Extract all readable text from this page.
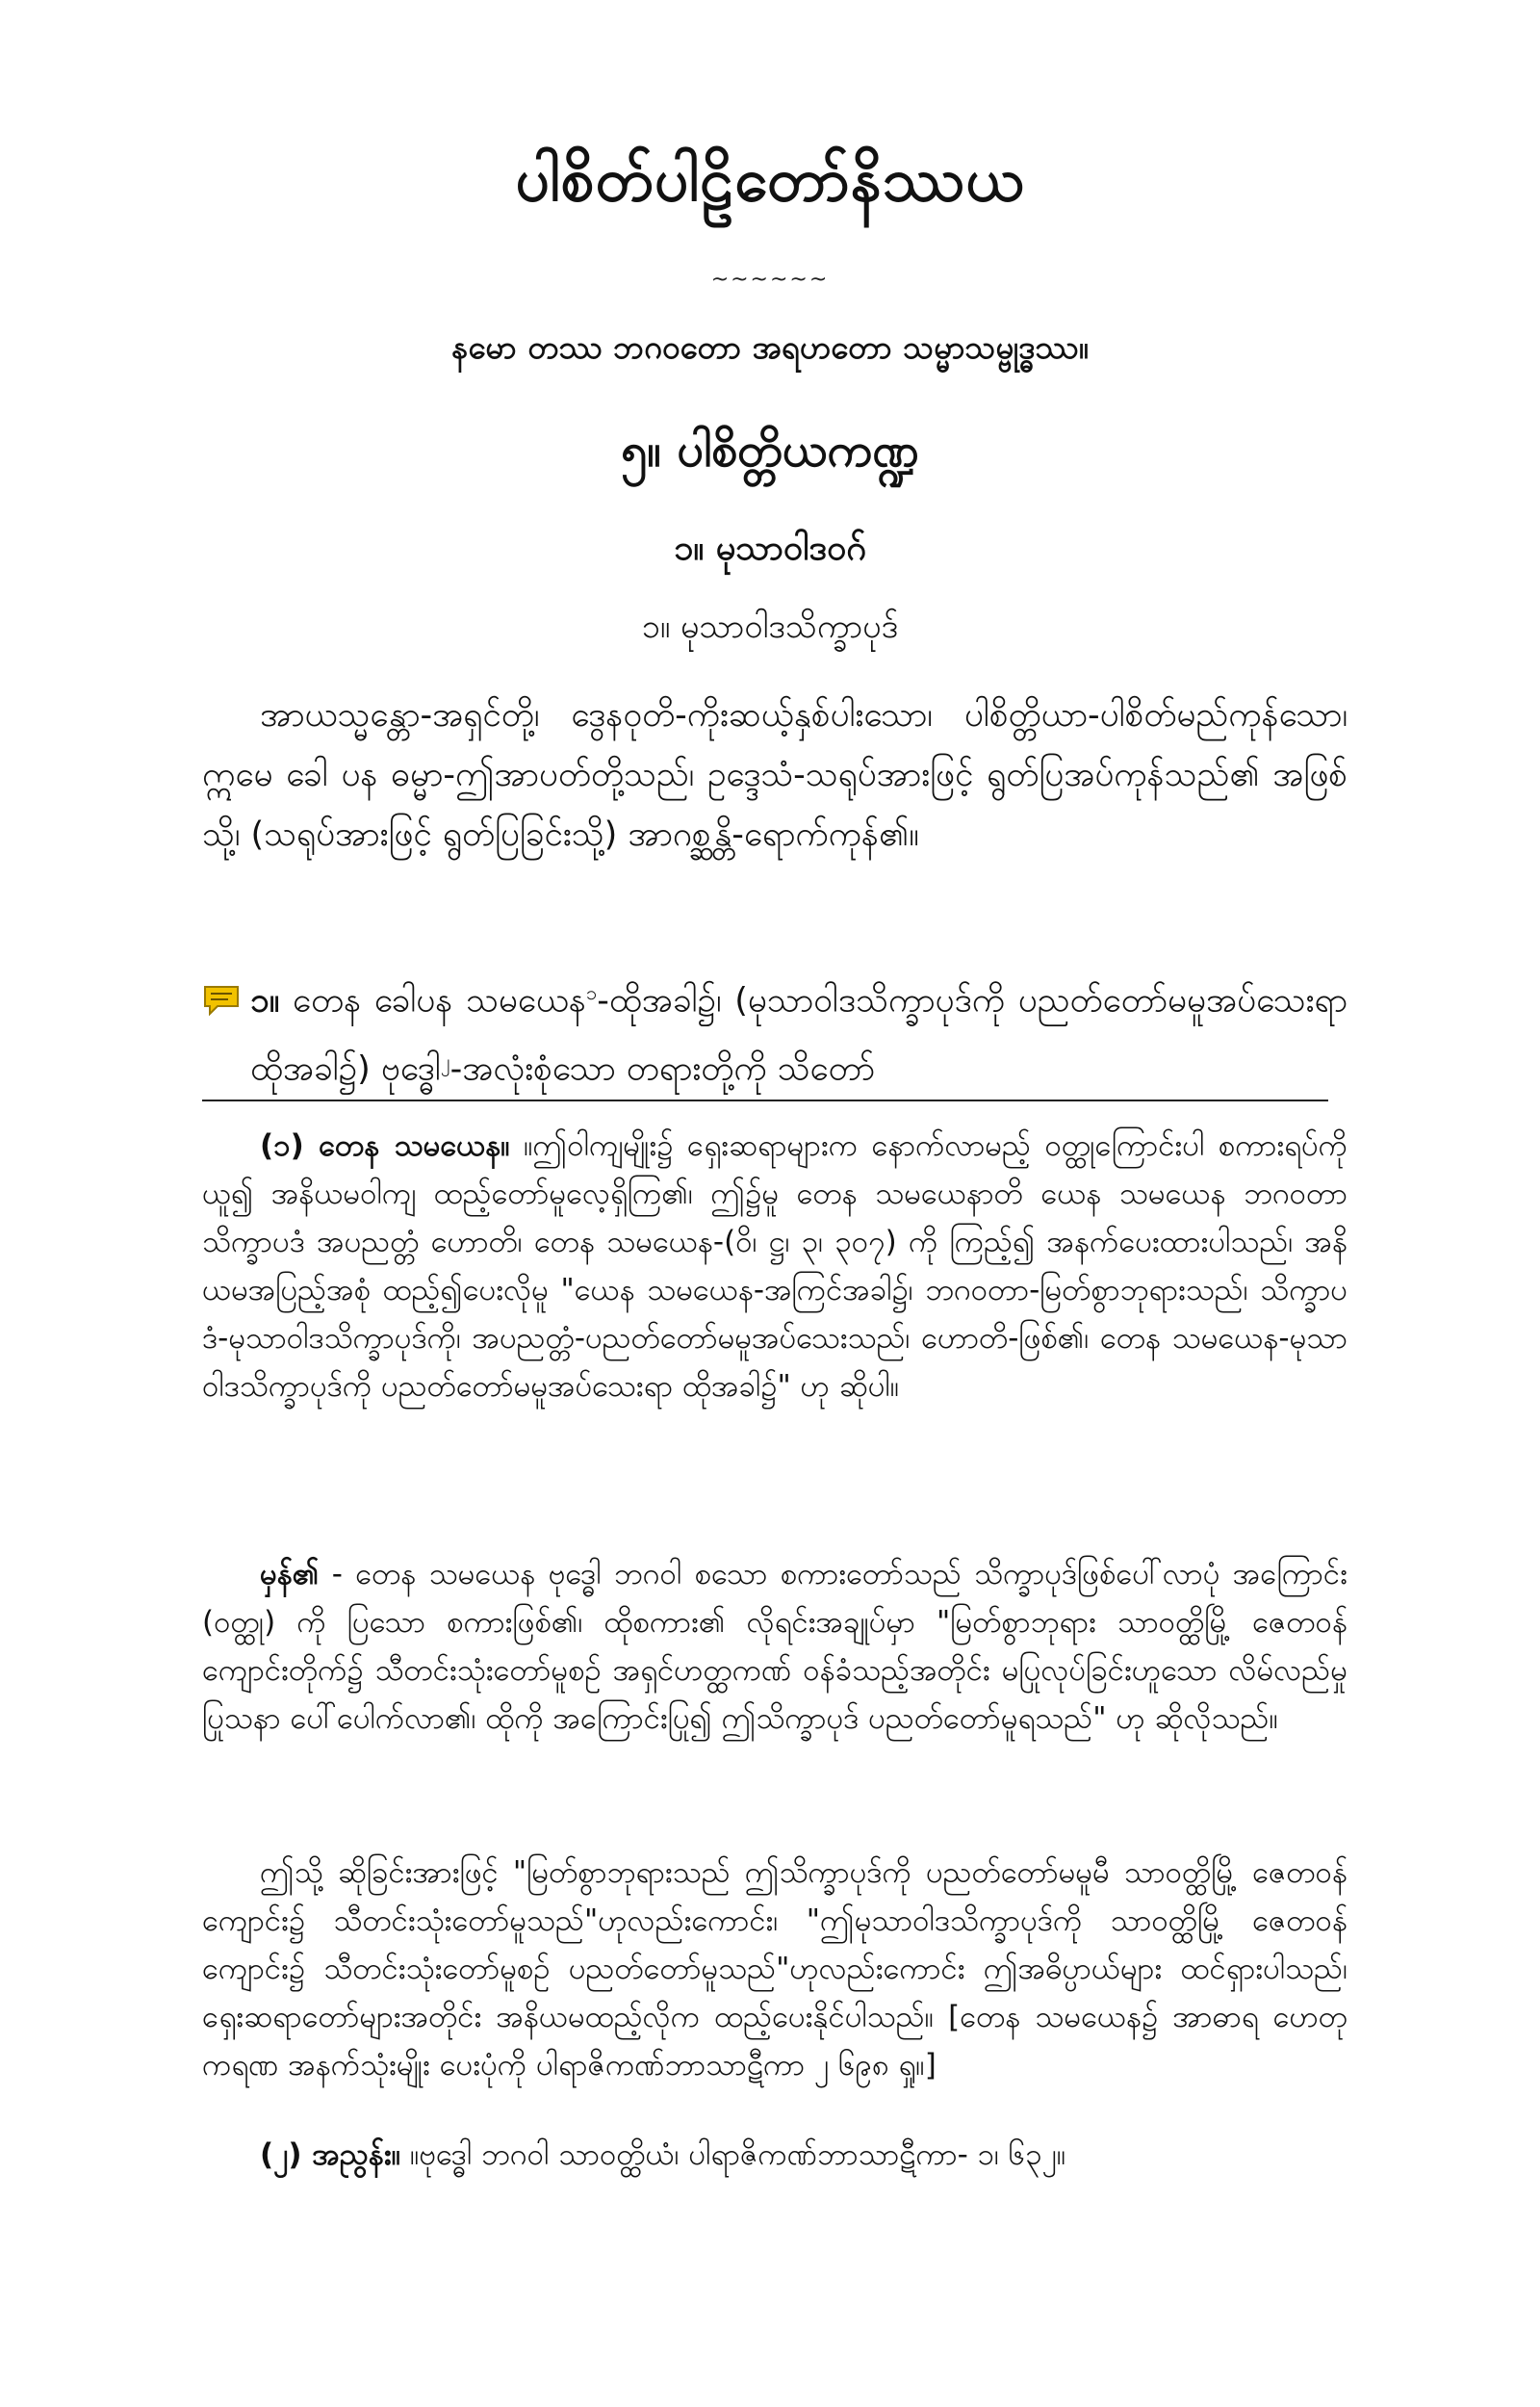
ပါစိတ်ပါဠိတော်နိဿယ
~~~~~~
နမော တဿ ဘဂဝတော အရဟတော သမ္မာသမ္ဗုဒ္ဓဿ။
၅။ ပါစိတ္တိယကဏ္ဍ
၁။ မုသာဝါဒဝဂ်
၁။ မုသာဝါဒသိက္ခာပုဒ်
အာယသ္မန္တော-အရှင်တို့၊ ဒွေနဝုတိ-ကိုးဆယ့်နှစ်ပါးသော၊ ပါစိတ္တိယာ-ပါစိတ်မည်ကုန်သော၊ ဣမေ ခေါ ပန ဓမ္မာ-ဤအာပတ်တို့သည်၊ ဥဒ္ဒေသံ-သရုပ်အားဖြင့် ရွတ်ပြအပ်ကုန်သည်၏ အဖြစ်သို့၊ (သရုပ်အားဖြင့် ရွတ်ပြခြင်းသို့) အာဂစ္ဆန္တိ-ရောက်ကုန်၏။
၁။ တေန ခေါပန သမယေန$^၁$-ထိုအခါ၌၊ (မုသာဝါဒသိက္ခာပုဒ်ကို ပညတ်တော်မမူအပ်သေးရာ ထိုအခါ၌) ဗုဒ္ဓေါ$^၂$-အလုံးစုံသော တရားတို့ကို သိတော်
(၁) တေန သမယေန။ ။ဤဝါကျမျိုး၌ ရှေးဆရာများက နောက်လာမည့် ဝတ္ထုကြောင်းပါ စကားရပ်ကို ယူ၍ အနိယမဝါကျ ထည့်တော်မူလေ့ရှိကြ၏၊ ဤ၌မူ တေန သမယေနာတိ ယေန သမယေန ဘဂဝတာ သိက္ခာပဒံ အပညတ္တံ ဟောတိ၊ တေန သမယေန-(ဝိ၊ ဋ္ဌ၊ ၃၊ ၃၀၇) ကို ကြည့်၍ အနက်ပေးထားပါသည်၊ အနိယမအပြည့်အစုံ ထည့်၍ပေးလိုမူ "ယေန သမယေန-အကြင်အခါ၌၊ ဘဂဝတာ-မြတ်စွာဘုရားသည်၊ သိက္ခာပဒံ-မုသာဝါဒသိက္ခာပုဒ်ကို၊ အပညတ္တံ-ပညတ်တော်မမူအပ်သေးသည်၊ ဟောတိ-ဖြစ်၏၊ တေန သမယေန-မုသာဝါဒသိက္ခာပုဒ်ကို ပညတ်တော်မမူအပ်သေးရာ ထိုအခါ၌" ဟု ဆိုပါ။
မှန်၏ - တေန သမယေန ဗုဒ္ဓေါ ဘဂဝါ စသော စကားတော်သည် သိက္ခာပုဒ်ဖြစ်ပေါ်လာပုံ အကြောင်း (ဝတ္ထု) ကို ပြသော စကားဖြစ်၏၊ ထိုစကား၏ လိုရင်းအချုပ်မှာ "မြတ်စွာဘုရား သာဝတ္ထိမြို့ ဇေတဝန်ကျောင်းတိုက်၌ သီတင်းသုံးတော်မူစဉ် အရှင်ဟတ္ထကဏ် ဝန်ခံသည့်အတိုင်း မပြုလုပ်ခြင်းဟူသော လိမ်လည်မှုပြုသနာ ပေါ်ပေါက်လာ၏၊ ထိုကို အကြောင်းပြု၍ ဤသိက္ခာပုဒ် ပညတ်တော်မူရသည်" ဟု ဆိုလိုသည်။
ဤသို့ ဆိုခြင်းအားဖြင့် "မြတ်စွာဘုရားသည် ဤသိက္ခာပုဒ်ကို ပညတ်တော်မမူမီ သာဝတ္ထိမြို့ ဇေတဝန်ကျောင်း၌ သီတင်းသုံးတော်မူသည်"ဟုလည်းကောင်း၊ "ဤမုသာဝါဒသိက္ခာပုဒ်ကို သာဝတ္ထိမြို့ ဇေတဝန်ကျောင်း၌ သီတင်းသုံးတော်မူစဉ် ပညတ်တော်မူသည်"ဟုလည်းကောင်း ဤအဓိပ္ပာယ်များ ထင်ရှားပါသည်၊ ရှေးဆရာတော်များအတိုင်း အနိယမထည့်လိုက ထည့်ပေးနိုင်ပါသည်။ [တေန သမယေန၌ အာဓာရ ဟေတု ကရဏ အနက်သုံးမျိုး ပေးပုံကို ပါရာဇိကဏ်ဘာသာဋီကာ ၂ ၆၉၈ ရှု။]
(၂) အညွန်း။ ။ဗုဒ္ဓေါ ဘဂဝါ သာဝတ္ထိယံ၊ ပါရာဇိကဏ်ဘာသာဋီကာ- ၁၊ ၆၃၂။
